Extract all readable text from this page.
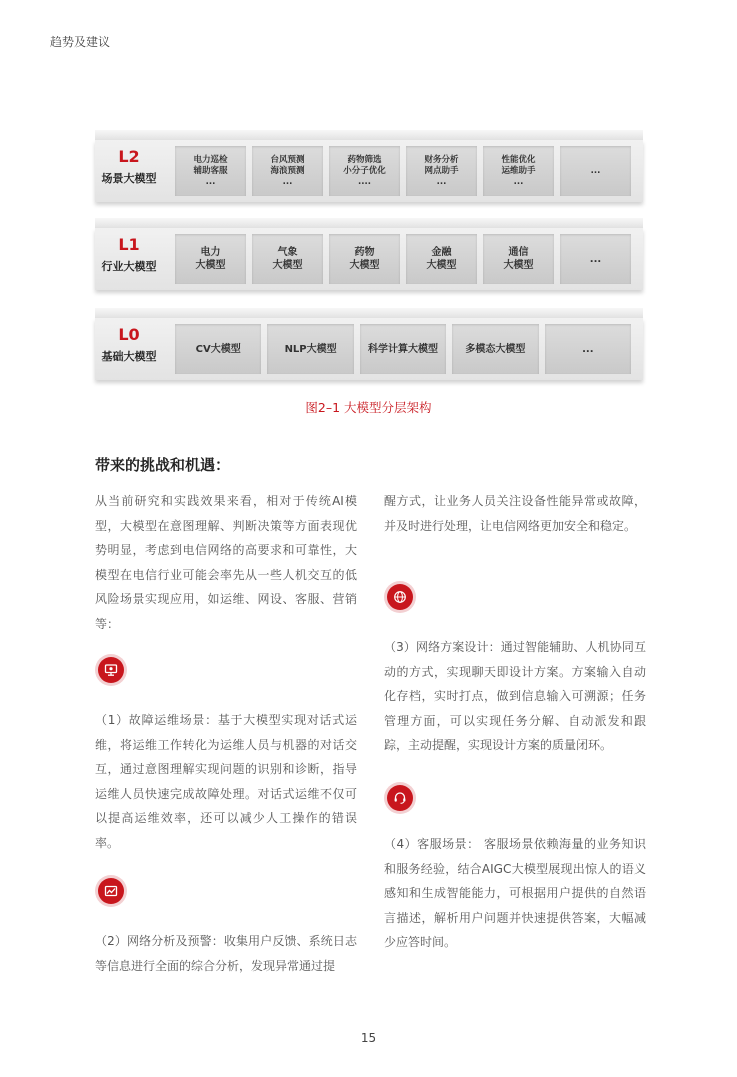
趋势及建议
L2
场景大模型
电力巡检
辅助客服
...
台风预测
海浪预测
...
药物筛选
小分子优化
....
财务分析
网点助手
...
性能优化
运维助手
...
...
L1
行业大模型
电力
大模型
气象
大模型
药物
大模型
金融
大模型
通信
大模型
...
L0
基础大模型
CV大模型	NLP大模型	科学计算大模型	多模态大模型	...
图2–1 大模型分层架构
带来的挑战和机遇：

从当前研究和实践效果来看，相对于传统AI模型，大模型在意图理解、判断决策等方面表现优势明显，考虑到电信网络的高要求和可靠性，大模型在电信行业可能会率先从一些人机交互的低风险场景实现应用，如运维、网设、客服、营销等：

（1）故障运维场景：基于大模型实现对话式运维，将运维工作转化为运维人员与机器的对话交互，通过意图理解实现问题的识别和诊断，指导运维人员快速完成故障处理。对话式运维不仅可以提高运维效率，还可以减少人工操作的错误率。

（2）网络分析及预警：收集用户反馈、系统日志等信息进行全面的综合分析，发现异常通过提

醒方式，让业务人员关注设备性能异常或故障，并及时进行处理，让电信网络更加安全和稳定。

（3）网络方案设计：通过智能辅助、人机协同互动的方式，实现聊天即设计方案。方案输入自动化存档，实时打点，做到信息输入可溯源；任务管理方面，可以实现任务分解、自动派发和跟踪，主动提醒，实现设计方案的质量闭环。

（4）客服场景： 客服场景依赖海量的业务知识和服务经验，结合AIGC大模型展现出惊人的语义感知和生成智能能力，可根据用户提供的自然语言描述，解析用户问题并快速提供答案，大幅减少应答时间。

15
